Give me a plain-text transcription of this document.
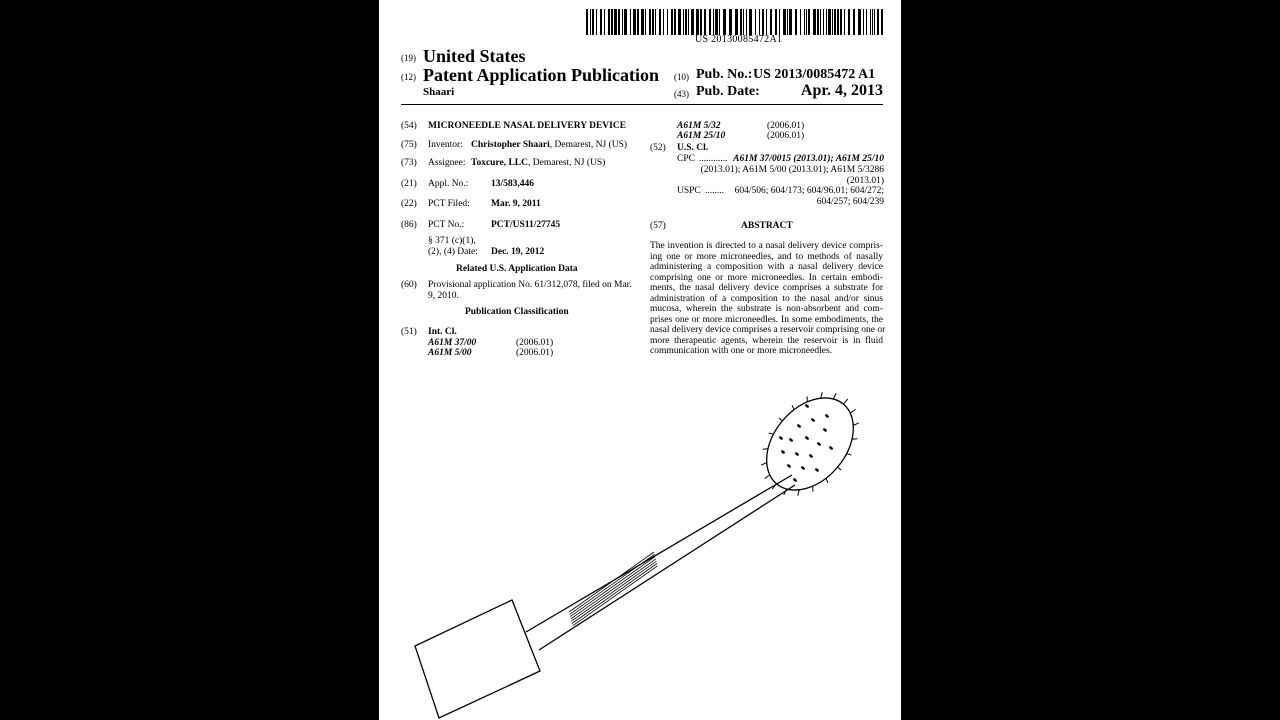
US 20130085472A1
(19) United States
(12) Patent Application Publication
Shaari
(10) Pub. No.: US 2013/0085472 A1
(43) Pub. Date:	Apr. 4, 2013
(54) MICRONEEDLE NASAL DELIVERY DEVICE
(75) Inventor: Christopher Shaari, Demarest, NJ (US)
(73) Assignee: Toxcure, LLC, Demarest, NJ (US)
(21) Appl. No.: 13/583,446
(22) PCT Filed: Mar. 9, 2011
(86) PCT No.:	PCT/US11/27745
§ 371 (c)(1),
(2), (4) Date: Dec. 19, 2012
Related U.S. Application Data
(60) Provisional application No. 61/312,078, filed on Mar.
9, 2010.
Publication Classification
(51) Int. Cl.
A61M 37/00	(2006.01)
A61M 5/00	(2006.01)
A61M 5/32	(2006.01)
A61M 25/10	(2006.01)
(52) U.S. Cl.
CPC ............ A61M 37/0015 (2013.01); A61M 25/10
(2013.01); A61M 5/00 (2013.01); A61M 5/3286
(2013.01)
USPC ........ 604/506; 604/173; 604/96.01; 604/272;
604/257; 604/239
(57)	ABSTRACT
The invention is directed to a nasal delivery device compris-
ing one or more microneedles, and to methods of nasally
administering a composition with a nasal delivery device
comprising one or more microneedles. In certain embodi-
ments, the nasal delivery device comprises a substrate for
administration of a composition to the nasal and/or sinus
mucosa, wherein the substrate is non-absorbent and com-
prises one or more microneedles. In some embodiments, the
nasal delivery device comprises a reservoir comprising one or
more therapeutic agents, wherein the reservoir is in fluid
communication with one or more microneedles.
